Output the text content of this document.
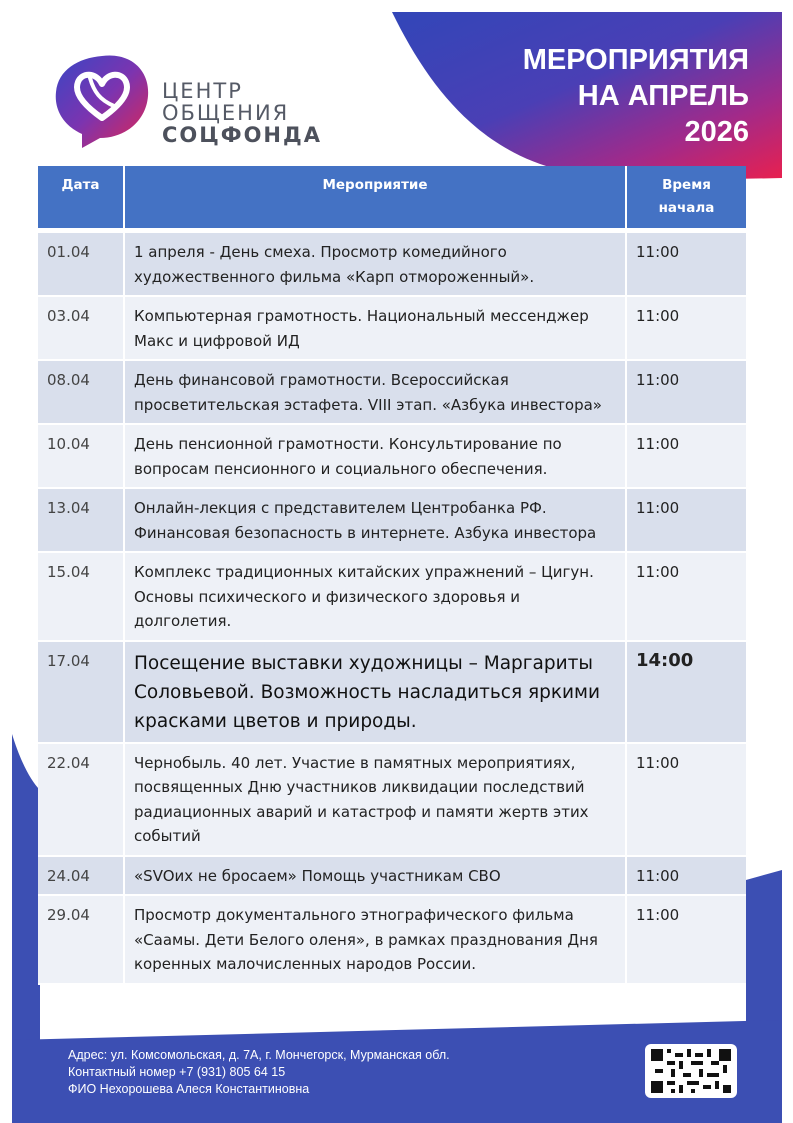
ЦЕНТР
ОБЩЕНИЯ
СОЦФОНДА
МЕРОПРИЯТИЯ
НА АПРЕЛЬ
2026
Дата	Мероприятие	Время начала

01.04	1 апреля - День смеха. Просмотр комедийного художественного фильма «Карп отмороженный».	11:00
03.04	Компьютерная грамотность. Национальный мессенджер Макс и цифровой ИД	11:00
08.04	День финансовой грамотности. Всероссийская просветительская эстафета. VIII этап. «Азбука инвестора»	11:00
10.04	День пенсионной грамотности. Консультирование по вопросам пенсионного и социального обеспечения.	11:00
13.04	Онлайн-лекция с представителем Центробанка РФ. Финансовая безопасность в интернете. Азбука инвестора	11:00
15.04	Комплекс традиционных китайских упражнений – Цигун. Основы психического и физического здоровья и долголетия.	11:00
17.04	Посещение выставки художницы – Маргариты Соловьевой. Возможность насладиться яркими красками цветов и природы.	14:00
22.04	Чернобыль. 40 лет. Участие в памятных мероприятиях, посвященных Дню участников ликвидации последствий радиационных аварий и катастроф и памяти жертв этих событий	11:00
24.04	«SVOих не бросаем» Помощь участникам СВО	11:00
29.04	Просмотр документального этнографического фильма «Саамы. Дети Белого оленя», в рамках празднования Дня коренных малочисленных народов России.	11:00
Адрес: ул. Комсомольская, д. 7А, г. Мончегорск, Мурманская обл.
Контактный номер +7 (931) 805 64 15
ФИО Нехорошева Алеся Константиновна
